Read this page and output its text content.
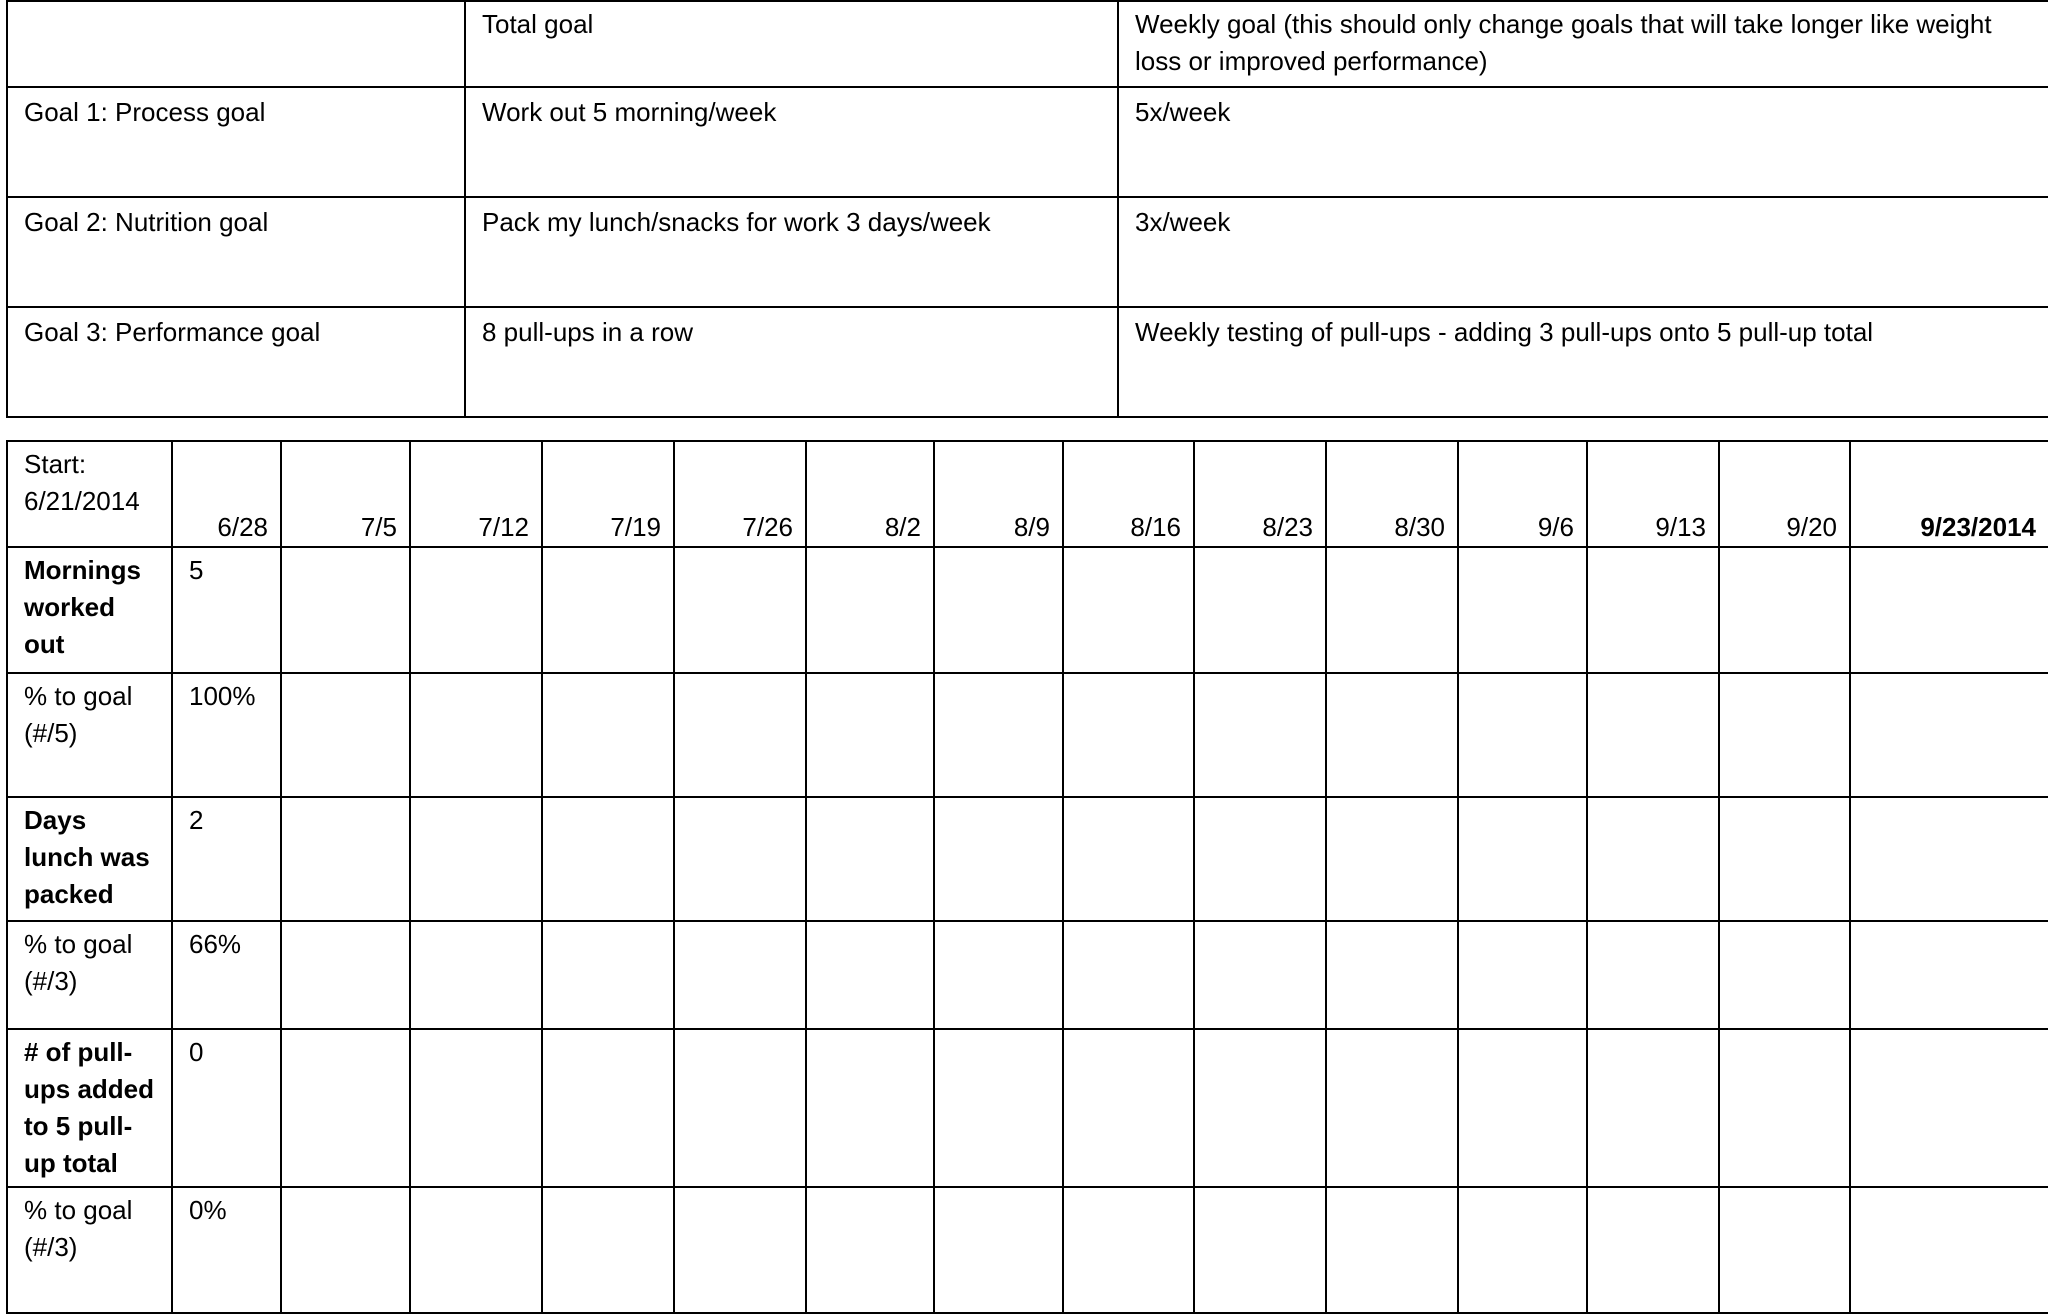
	Total goal	Weekly goal (this should only change goals that will take longer like weight loss or improved performance)
Goal 1: Process goal	Work out 5 morning/week	5x/week
Goal 2: Nutrition goal	Pack my lunch/snacks for work 3 days/week	3x/week
Goal 3: Performance goal	8 pull-ups in a row	Weekly testing of pull-ups - adding 3 pull-ups onto 5 pull-up total
Start:
6/21/2014	6/28	7/5	7/12	7/19	7/26	8/2	8/9	8/16	8/23	8/30	9/6	9/13	9/20	9/23/2014
Mornings worked out	5													
% to goal (#/5)	100%													
Days lunch was packed	2													
% to goal (#/3)	66%													
# of pull-ups added to 5 pull-up total	0													
% to goal (#/3)	0%													
